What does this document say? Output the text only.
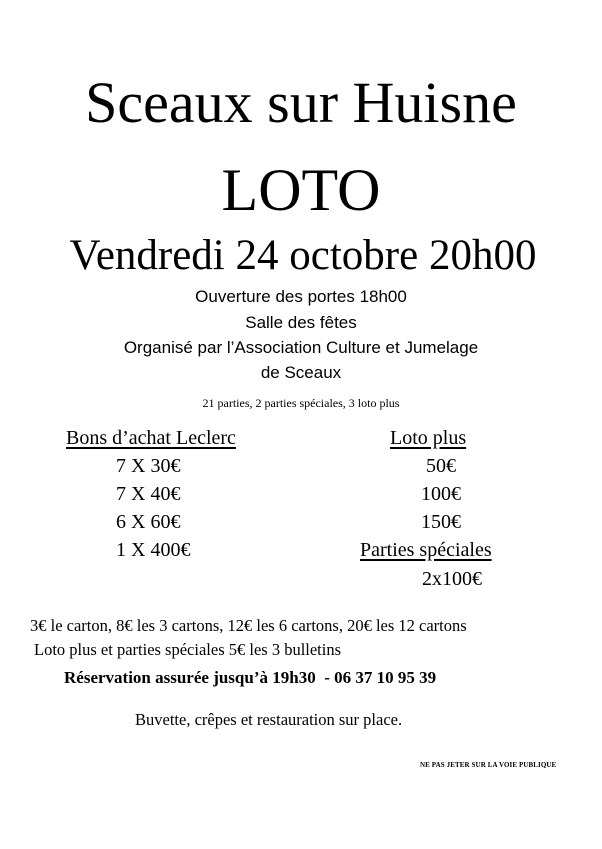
Sceaux sur Huisne
LOTO
Vendredi 24 octobre 20h00
Ouverture des portes 18h00
Salle des fêtes
Organisé par l’Association Culture et Jumelage
de Sceaux
21 parties, 2 parties spéciales, 3 loto plus
Bons d’achat Leclerc
7 X 30€
7 X 40€
6 X 60€
1 X 400€
Loto plus
50€
100€
150€
Parties spéciales
2x100€
3€ le carton, 8€ les 3 cartons, 12€ les 6 cartons, 20€ les 12 cartons
Loto plus et parties spéciales 5€ les 3 bulletins
Réservation assurée jusqu’à 19h30  - 06 37 10 95 39
Buvette, crêpes et restauration sur place.
NE PAS JETER SUR LA VOIE PUBLIQUE
